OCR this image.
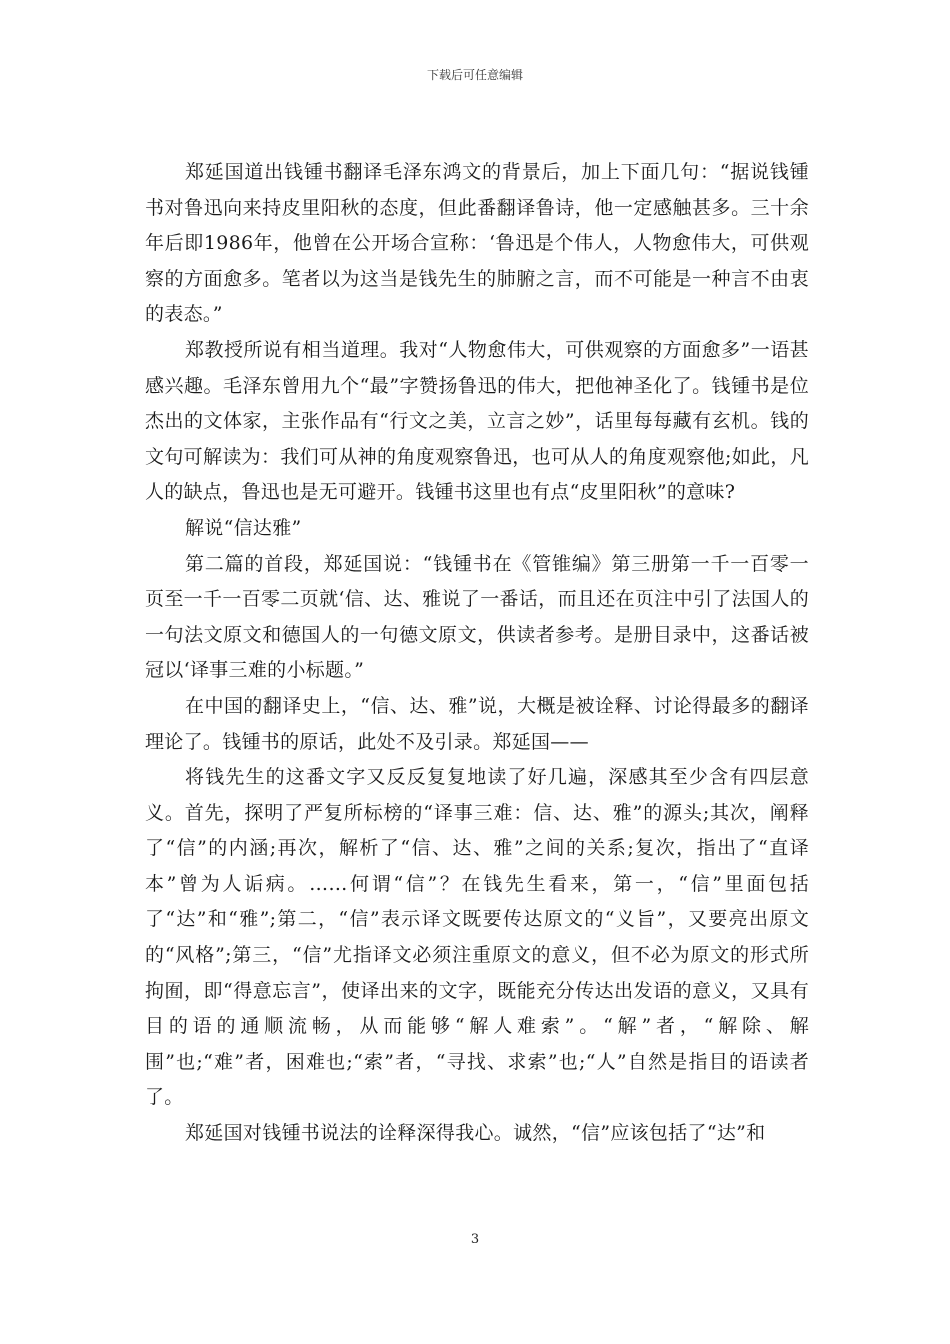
下载后可任意编辑

郑延国道出钱锺书翻译毛泽东鸿文的背景后，加上下面几句：“据说钱锺书对鲁迅向来持皮里阳秋的态度，但此番翻译鲁诗，他一定感触甚多。三十余年后即1986年，他曾在公开场合宣称：‘鲁迅是个伟人，人物愈伟大，可供观察的方面愈多。笔者以为这当是钱先生的肺腑之言，而不可能是一种言不由衷的表态。”

郑教授所说有相当道理。我对“人物愈伟大，可供观察的方面愈多”一语甚感兴趣。毛泽东曾用九个“最”字赞扬鲁迅的伟大，把他神圣化了。钱锺书是位杰出的文体家，主张作品有“行文之美，立言之妙”，话里每每藏有玄机。钱的文句可解读为：我们可从神的角度观察鲁迅，也可从人的角度观察他;如此，凡人的缺点，鲁迅也是无可避开。钱锺书这里也有点“皮里阳秋”的意味?

解说“信达雅”

第二篇的首段，郑延国说：“钱锺书在《管锥编》第三册第一千一百零一页至一千一百零二页就‘信、达、雅说了一番话，而且还在页注中引了法国人的一句法文原文和德国人的一句德文原文，供读者参考。是册目录中，这番话被冠以‘译事三难的小标题。”

在中国的翻译史上，“信、达、雅”说，大概是被诠释、讨论得最多的翻译理论了。钱锺书的原话，此处不及引录。郑延国——

将钱先生的这番文字又反反复复地读了好几遍，深感其至少含有四层意义。首先，探明了严复所标榜的“译事三难：信、达、雅”的源头;其次，阐释了“信”的内涵;再次，解析了“信、达、雅”之间的关系;复次，指出了“直译本”曾为人诟病。……何谓“信”？在钱先生看来，第一，“信”里面包括了“达”和“雅”;第二，“信”表示译文既要传达原文的“义旨”，又要亮出原文的“风格”;第三，“信”尤指译文必须注重原文的意义，但不必为原文的形式所拘囿，即“得意忘言”，使译出来的文字，既能充分传达出发语的意义，又具有目的语的通顺流畅，从而能够“解人难索”。“解”者，“解除、解围”也;“难”者，困难也;“索”者，“寻找、求索”也;“人”自然是指目的语读者了。

郑延国对钱锺书说法的诠释深得我心。诚然，“信”应该包括了“达”和

3
